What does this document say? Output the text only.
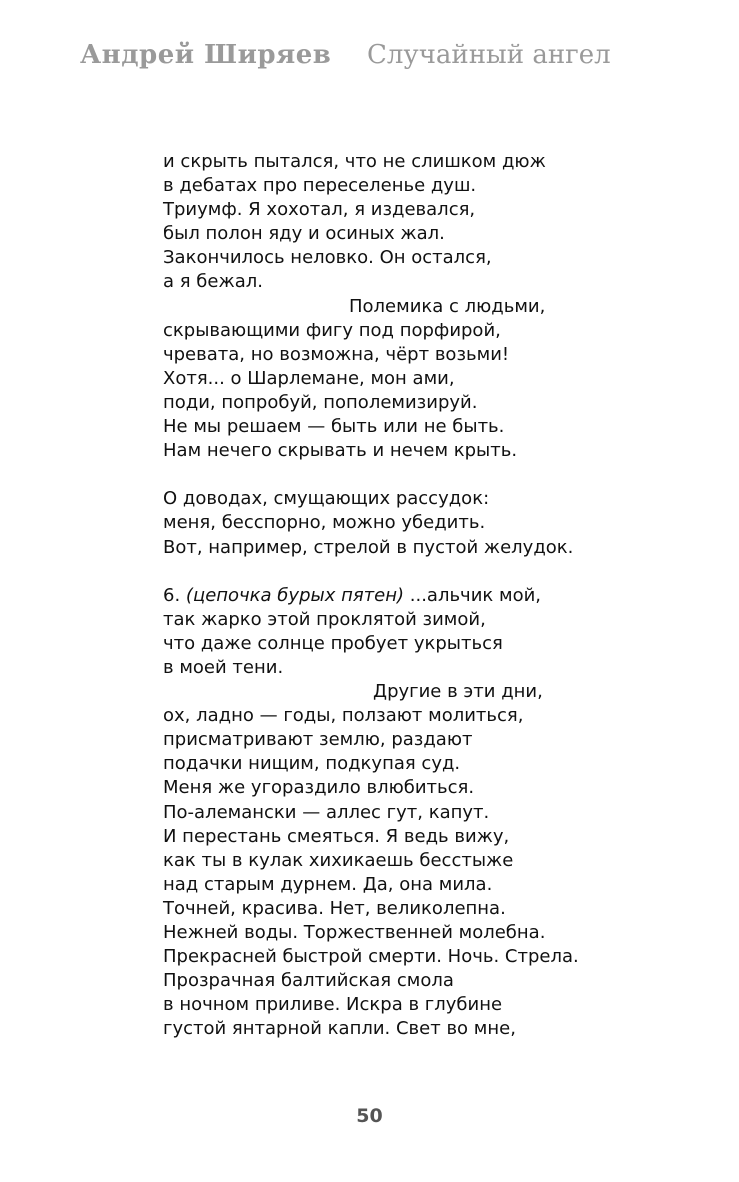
Андрей Ширяев Случайный ангел
и скрыть пытался, что не слишком дюж
в дебатах про переселенье душ.
Триумф. Я хохотал, я издевался,
был полон яду и осиных жал.
Закончилось неловко. Он остался,
а я бежал.
Полемика с людьми,
скрывающими фигу под порфирой,
чревата, но возможна, чёрт возьми!
Хотя... о Шарлемане, мон ами,
поди, попробуй, пополемизируй.
Не мы решаем — быть или не быть.
Нам нечего скрывать и нечем крыть.
О доводах, смущающих рассудок:
меня, бесспорно, можно убедить.
Вот, например, стрелой в пустой желудок.
6. (цепочка бурых пятен) ...альчик мой,
так жарко этой проклятой зимой,
что даже солнце пробует укрыться
в моей тени.
Другие в эти дни,
ох, ладно — годы, ползают молиться,
присматривают землю, раздают
подачки нищим, подкупая суд.
Меня же угораздило влюбиться.
По-алемански — аллес гут, капут.
И перестань смеяться. Я ведь вижу,
как ты в кулак хихикаешь бесстыже
над старым дурнем. Да, она мила.
Точней, красива. Нет, великолепна.
Нежней воды. Торжественней молебна.
Прекрасней быстрой смерти. Ночь. Стрела.
Прозрачная балтийская смола
в ночном приливе. Искра в глубине
густой янтарной капли. Свет во мне,
50
